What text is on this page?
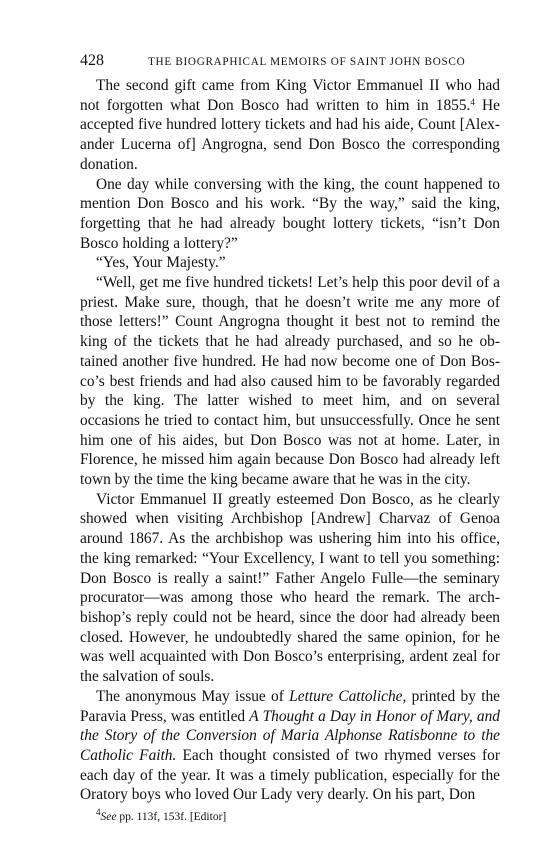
428	THE BIOGRAPHICAL MEMOIRS OF SAINT JOHN BOSCO

The second gift came from King Victor Emmanuel II who had not forgotten what Don Bosco had written to him in 1855.$^4$ He accepted five hundred lottery tickets and had his aide, Count [Alexander Lucerna of] Angrogna, send Don Bosco the corresponding donation.

One day while conversing with the king, the count happened to mention Don Bosco and his work. “By the way,” said the king, forgetting that he had already bought lottery tickets, “isn’t Don Bosco holding a lottery?”

“Yes, Your Majesty.”

“Well, get me five hundred tickets! Let’s help this poor devil of a priest. Make sure, though, that he doesn’t write me any more of those letters!” Count Angrogna thought it best not to remind the king of the tickets that he had already purchased, and so he obtained another five hundred. He had now become one of Don Bosco’s best friends and had also caused him to be favorably regarded by the king. The latter wished to meet him, and on several occasions he tried to contact him, but unsuccessfully. Once he sent him one of his aides, but Don Bosco was not at home. Later, in Florence, he missed him again because Don Bosco had already left town by the time the king became aware that he was in the city.

Victor Emmanuel II greatly esteemed Don Bosco, as he clearly showed when visiting Archbishop [Andrew] Charvaz of Genoa around 1867. As the archbishop was ushering him into his office, the king remarked: “Your Excellency, I want to tell you something: Don Bosco is really a saint!” Father Angelo Fulle—the seminary procurator—was among those who heard the remark. The archbishop’s reply could not be heard, since the door had already been closed. However, he undoubtedly shared the same opinion, for he was well acquainted with Don Bosco’s enterprising, ardent zeal for the salvation of souls.

The anonymous May issue of Letture Cattoliche, printed by the Paravia Press, was entitled A Thought a Day in Honor of Mary, and the Story of the Conversion of Maria Alphonse Ratisbonne to the Catholic Faith. Each thought consisted of two rhymed verses for each day of the year. It was a timely publication, especially for the Oratory boys who loved Our Lady very dearly. On his part, Don

$^4$See pp. 113f, 153f. [Editor]
